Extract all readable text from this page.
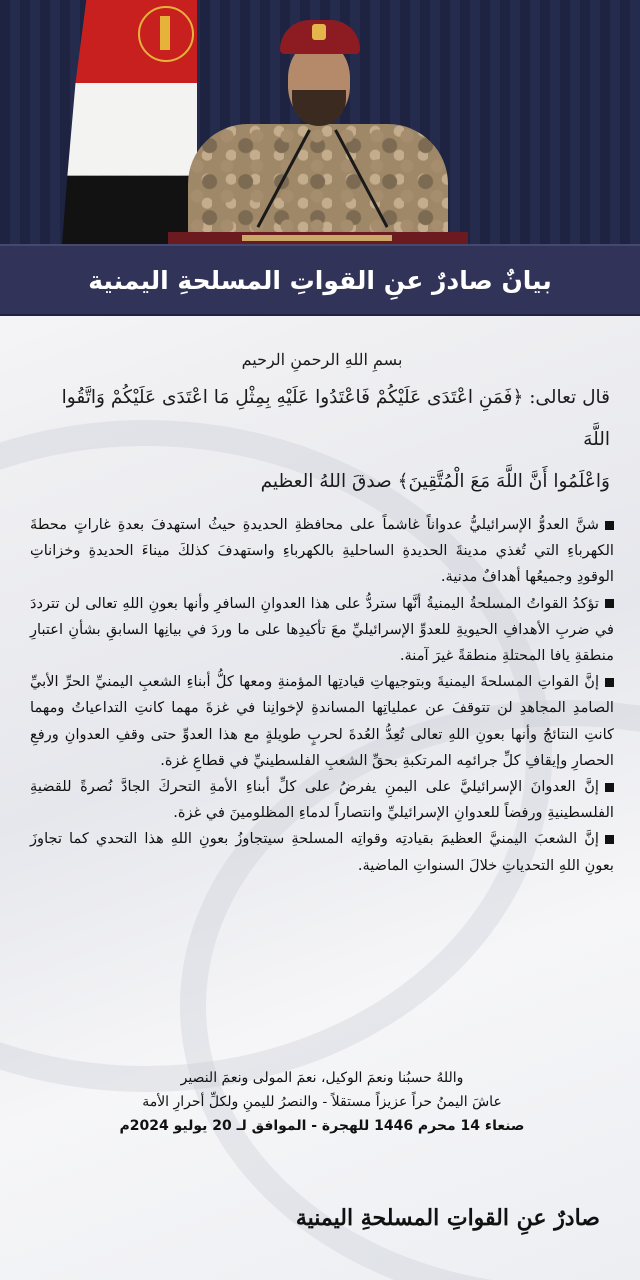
بيانٌ صادرٌ عنِ القواتِ المسلحةِ اليمنية
بسمِ اللهِ الرحمنِ الرحيم
قال تعالى: ﴿فَمَنِ اعْتَدَى عَلَيْكُمْ فَاعْتَدُوا عَلَيْهِ بِمِثْلِ مَا اعْتَدَى عَلَيْكُمْ وَاتَّقُوا اللَّهَ
وَاعْلَمُوا أَنَّ اللَّهَ مَعَ الْمُتَّقِينَ﴾ صدقَ اللهُ العظيم

شنَّ العدوُّ الإسرائيليُّ عدواناً غاشماً على محافظةِ الحديدةِ حيثُ استهدفَ بعدةِ غاراتٍ محطةَ الكهرباءِ التي تُغذي مدينةَ الحديدةِ الساحليةِ بالكهرباءِ واستهدفَ كذلكَ ميناءَ الحديدةِ وخزاناتِ الوقودِ وجميعُها أهدافٌ مدنية.

تؤكدُ القواتُ المسلحةُ اليمنيةُ أنَّها ستردُّ على هذا العدوانِ السافرِ وأنها بعونِ اللهِ تعالى لن تترددَ في ضربِ الأهدافِ الحيويةِ للعدوِّ الإسرائيليِّ معَ تأكيدِها على ما وردَ في بيانِها السابقِ بشأنِ اعتبارِ منطقةِ يافا المحتلةِ منطقةً غيرَ آمنة.

إنَّ القواتِ المسلحةَ اليمنيةَ وبتوجيهاتِ قيادتِها المؤمنةِ ومعها كلُّ أبناءِ الشعبِ اليمنيِّ الحرِّ الأبيِّ الصامدِ المجاهدِ لن تتوقفَ عن عملياتِها المساندةِ لإخوانِنا في غزةَ مهما كانتِ التداعياتُ ومهما كانتِ النتائجُ وأنها بعونِ اللهِ تعالى تُعِدُّ العُدةَ لحربٍ طويلةٍ مع هذا العدوِّ حتى وقفِ العدوانِ ورفعِ الحصارِ وإيقافِ كلِّ جرائمِه المرتكبةِ بحقِّ الشعبِ الفلسطينيِّ في قطاعِ غزة.

إنَّ العدوانَ الإسرائيليَّ على اليمنِ يفرضُ على كلِّ أبناءِ الأمةِ التحركَ الجادَّ نُصرةً للقضيةِ الفلسطينيةِ ورفضاً للعدوانِ الإسرائيليِّ وانتصاراً لدماءِ المظلومينَ في غزة.

إنَّ الشعبَ اليمنيَّ العظيمَ بقيادتِه وقواتِه المسلحةِ سيتجاوزُ بعونِ اللهِ هذا التحدي كما تجاوزَ بعونِ اللهِ التحدياتِ خلالَ السنواتِ الماضية.

واللهُ حسبُنا ونعمَ الوكيل، نعمَ المولى ونعمَ النصير
عاشَ اليمنُ حراً عزيزاً مستقلاً - والنصرُ لليمنِ ولكلِّ أحرارِ الأمة
صنعاء 14 محرم 1446 للهجرة - الموافق لـ 20 يوليو 2024م
صادرٌ عنِ القواتِ المسلحةِ اليمنية
